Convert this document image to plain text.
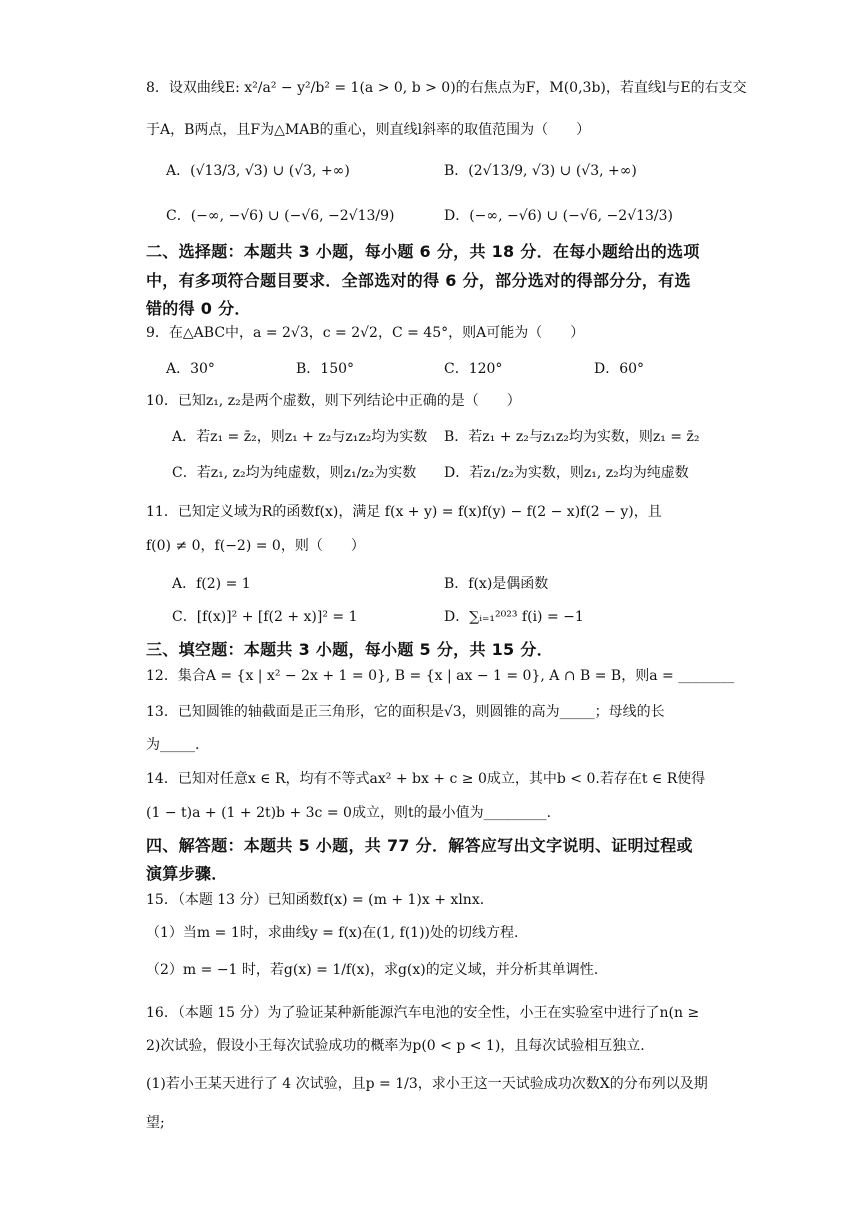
8．设双曲线E: x²/a² − y²/b² = 1(a > 0, b > 0)的右焦点为F，M(0,3b)，若直线l与E的右支交
于A，B两点，且F为△MAB的重心，则直线l斜率的取值范围为（　　）
A．(√13/3, √3) ∪ (√3, +∞)	B．(2√13/9, √3) ∪ (√3, +∞)
C．(−∞, −√6) ∪ (−√6, −2√13/9)	D．(−∞, −√6) ∪ (−√6, −2√13/3)
二、选择题：本题共 3 小题，每小题 6 分，共 18 分．在每小题给出的选项
中，有多项符合题目要求．全部选对的得 6 分，部分选对的得部分分，有选
错的得 0 分．
9．在△ABC中，a = 2√3，c = 2√2，C = 45°，则A可能为（　　）
A．30°	B．150°	C．120°	D．60°
10．已知z₁, z₂是两个虚数，则下列结论中正确的是（　　）
A．若z₁ = z̄₂，则z₁ + z₂与z₁z₂均为实数 B．若z₁ + z₂与z₁z₂均为实数，则z₁ = z̄₂
C．若z₁, z₂均为纯虚数，则z₁/z₂为实数 D．若z₁/z₂为实数，则z₁, z₂均为纯虚数
11．已知定义域为R的函数f(x)，满足 f(x + y) = f(x)f(y) − f(2 − x)f(2 − y)，且
f(0) ≠ 0，f(−2) = 0，则（　　）
A．f(2) = 1	B．f(x)是偶函数
C．[f(x)]² + [f(2 + x)]² = 1	D．∑ᵢ₌₁²⁰²³ f(i) = −1
三、填空题：本题共 3 小题，每小题 5 分，共 15 分．
12．集合A = {x | x² − 2x + 1 = 0}, B = {x | ax − 1 = 0}, A ∩ B = B，则a = ________
13．已知圆锥的轴截面是正三角形，它的面积是√3，则圆锥的高为_____；母线的长
为_____.
14．已知对任意x ∈ R，均有不等式ax² + bx + c ≥ 0成立，其中b < 0.若存在t ∈ R使得
(1 − t)a + (1 + 2t)b + 3c = 0成立，则t的最小值为_________.
四、解答题：本题共 5 小题，共 77 分．解答应写出文字说明、证明过程或
演算步骤．
15．（本题 13 分）已知函数f(x) = (m + 1)x + xlnx.
（1）当m = 1时，求曲线y = f(x)在(1, f(1))处的切线方程.
（2）m = −1 时，若g(x) = 1/f(x)，求g(x)的定义域，并分析其单调性.
16．（本题 15 分）为了验证某种新能源汽车电池的安全性，小王在实验室中进行了n(n ≥
2)次试验，假设小王每次试验成功的概率为p(0 < p < 1)，且每次试验相互独立.
(1)若小王某天进行了 4 次试验，且p = 1/3，求小王这一天试验成功次数X的分布列以及期
望;
